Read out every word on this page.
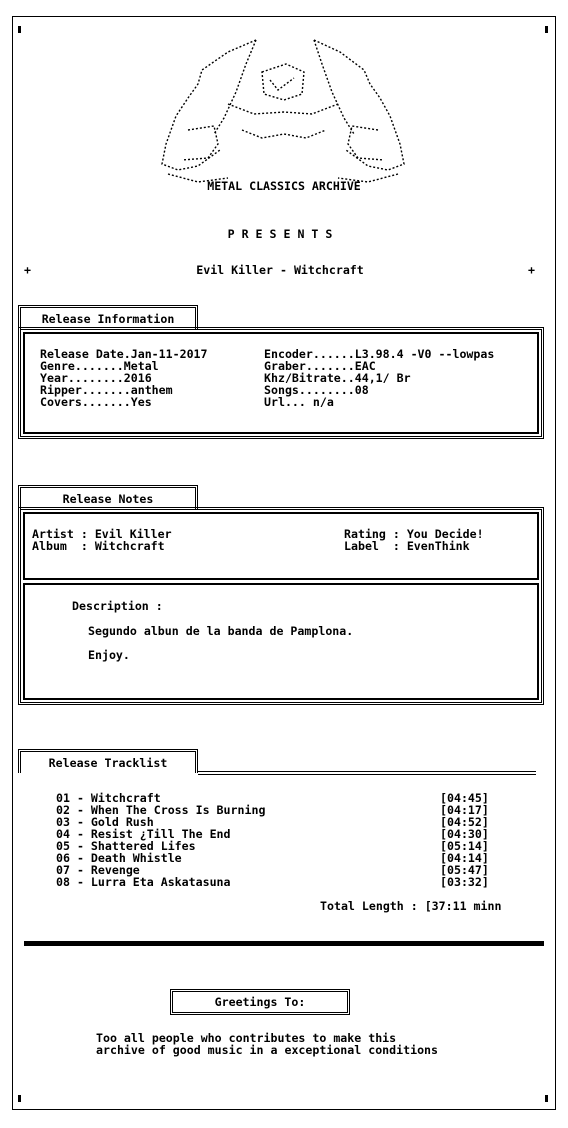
METAL CLASSICS ARCHIVE
P R E S E N T S
+	Evil Killer - Witchcraft	+
Release Information
Release Date.Jan-11-2017
Genre.......Metal
Year........2016
Ripper.......anthem
Covers.......Yes
Encoder......L3.98.4 -V0 --lowpas
Graber.......EAC
Khz/Bitrate..44,1/ Br
Songs........08
Url... n/a
Release Notes
Artist : Evil Killer
Album  : Witchcraft
Rating : You Decide!
Label  : EvenThink
Description :
Segundo albun de la banda de Pamplona.
Enjoy.
Release Tracklist
01 - Witchcraft
02 - When The Cross Is Burning
03 - Gold Rush
04 - Resist ¿Till The End
05 - Shattered Lifes
06 - Death Whistle
07 - Revenge
08 - Lurra Eta Askatasuna
[04:45]
[04:17]
[04:52]
[04:30]
[05:14]
[04:14]
[05:47]
[03:32]
Total Length : [37:11 minn
Greetings To:
Too all people who contributes to make this
archive of good music in a exceptional conditions
